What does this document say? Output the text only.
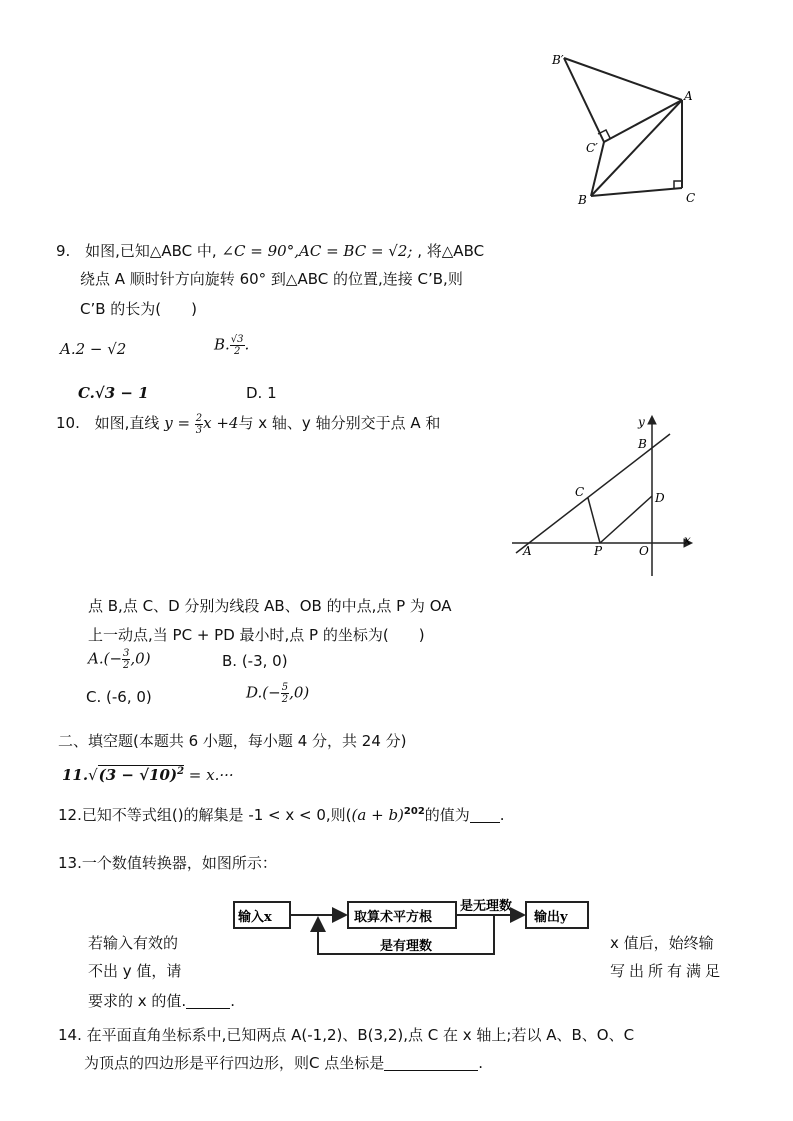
B′
A
C′
B	C
9. 如图,已知△ABC 中, ∠C = 90°,AC = BC = √2; , 将△ABC
绕点 A 顺时针方向旋转 60° 到△ABC 的位置,连接 C’B,则
C’B 的长为(　　)
A.2 − √2	B. $\frac{√3}{2}$ .
C.√3 − 1	D. 1
10. 如图,直线 $y = \frac{2}{3}$ x +4与 x 轴、y 轴分别交于点 A 和	y
x
B
C	D
A	P	O
点 B,点 C、D 分别为线段 AB、OB 的中点,点 P 为 OA
上一动点,当 PC + PD 最小时,点 P 的坐标为(　　)
$A.(- \frac{3}{2} ,0)$	B. (-3, 0)
C. (-6, 0)	$D.(- \frac{5}{2} ,0)$
二、填空题(本题共 6 小题，每小题 4 分，共 24 分)
$11.√(3 - √10)^2 = x.\cdot\cdot\cdot$
12.已知不等式组()的解集是 -1 < x < 0,则($(a + b)^{202}$的值为 .
13.一个数值转换器，如图所示：
输入x	取算术平方根
是无理数
输出y
是有理数
若输入有效的	x 值后，始终输
不出 y 值，请	写出所有满足
要求的 x 的值.	.
14. 在平面直角坐标系中,已知两点 A(-1,2)、B(3,2),点 C 在 x 轴上;若以 A、B、O、C
为顶点的四边形是平行四边形，则C 点坐标是	.
